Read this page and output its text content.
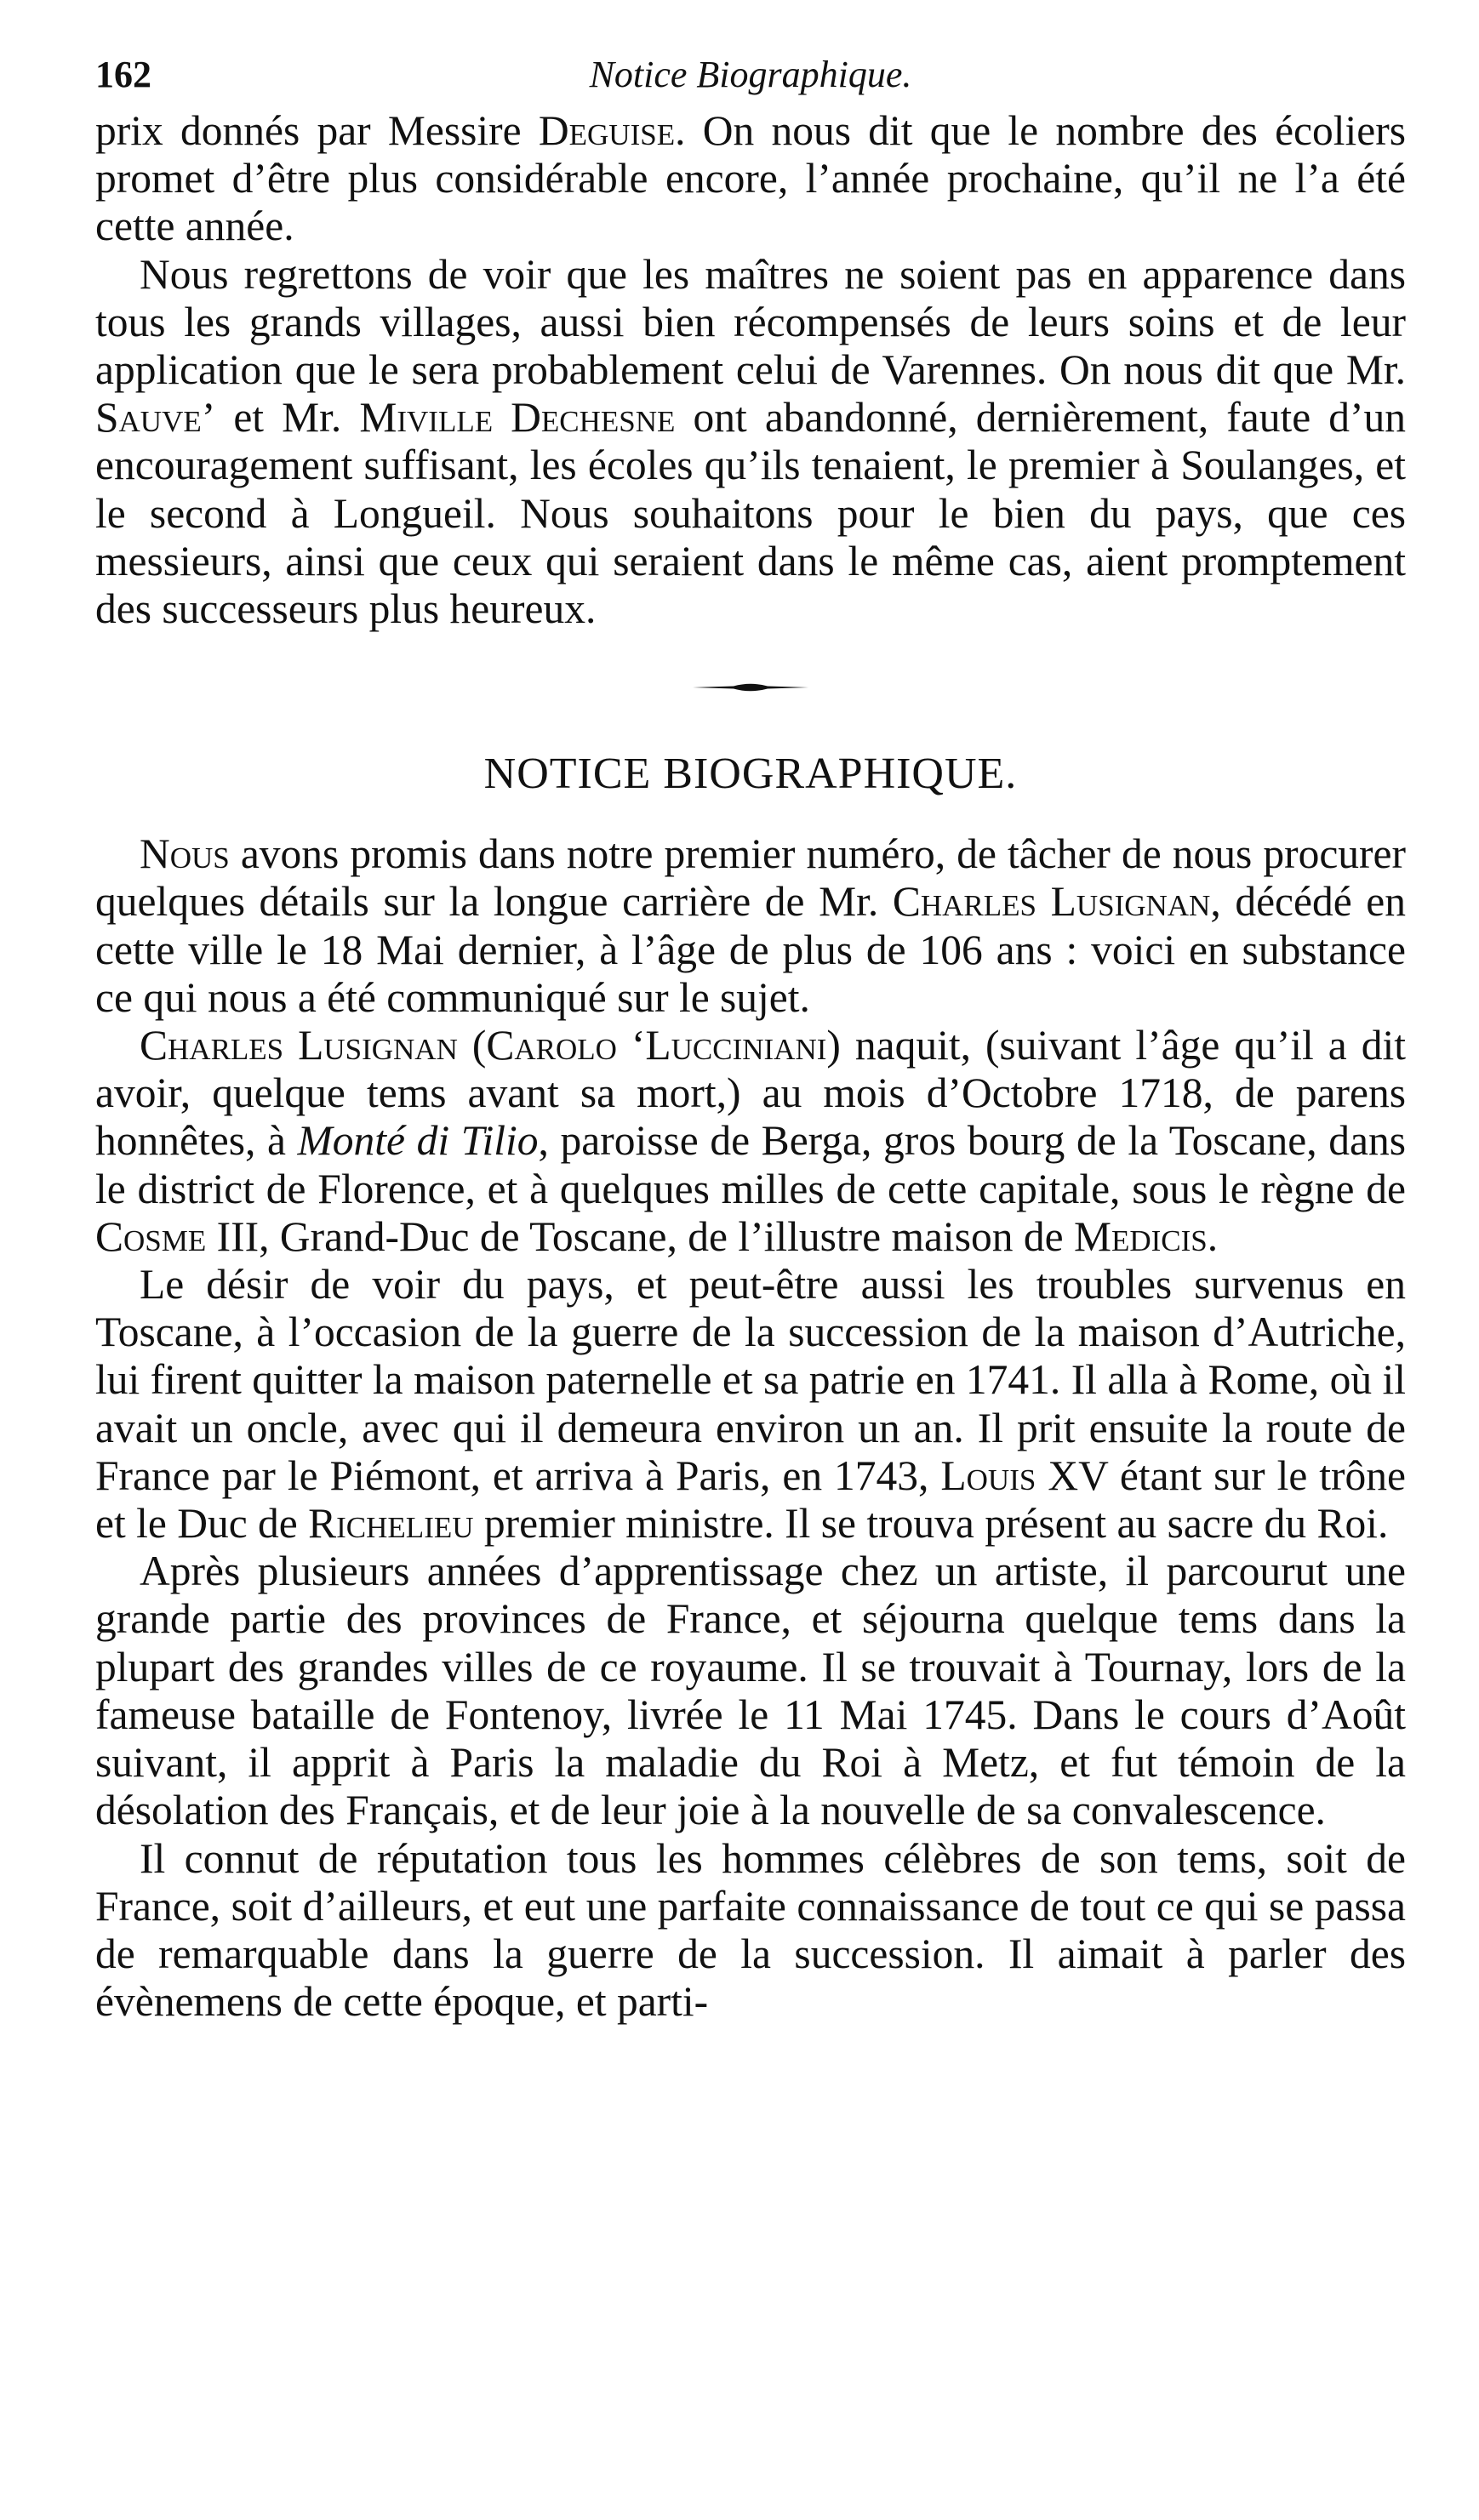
162	Notice Biographique.

prix donnés par Messire Deguise. On nous dit que le nombre des écoliers promet d’être plus considérable encore, l’année prochaine, qu’il ne l’a été cette année.

Nous regrettons de voir que les maîtres ne soient pas en apparence dans tous les grands villages, aussi bien récompensés de leurs soins et de leur application que le sera probablement celui de Varennes. On nous dit que Mr. Sauve’ et Mr. Miville Dechesne ont abandonné, dernièrement, faute d’un encouragement suffisant, les écoles qu’ils tenaient, le premier à Soulanges, et le second à Longueil. Nous souhaitons pour le bien du pays, que ces messieurs, ainsi que ceux qui seraient dans le même cas, aient promptement des successeurs plus heureux.

NOTICE BIOGRAPHIQUE.

Nous avons promis dans notre premier numéro, de tâcher de nous procurer quelques détails sur la longue carrière de Mr. Charles Lusignan, décédé en cette ville le 18 Mai dernier, à l’âge de plus de 106 ans : voici en substance ce qui nous a été communiqué sur le sujet.

Charles Lusignan (Carolo ‘Lucciniani) naquit, (suivant l’âge qu’il a dit avoir, quelque tems avant sa mort,) au mois d’Octobre 1718, de parens honnêtes, à Monté di Tilio, paroisse de Berga, gros bourg de la Toscane, dans le district de Florence, et à quelques milles de cette capitale, sous le règne de Cosme III, Grand-Duc de Toscane, de l’illustre maison de Medicis.

Le désir de voir du pays, et peut-être aussi les troubles survenus en Toscane, à l’occasion de la guerre de la succession de la maison d’Autriche, lui firent quitter la maison paternelle et sa patrie en 1741. Il alla à Rome, où il avait un oncle, avec qui il demeura environ un an. Il prit ensuite la route de France par le Piémont, et arriva à Paris, en 1743, Louis XV étant sur le trône et le Duc de Richelieu premier ministre. Il se trouva présent au sacre du Roi.

Après plusieurs années d’apprentissage chez un artiste, il parcourut une grande partie des provinces de France, et séjourna quelque tems dans la plupart des grandes villes de ce royaume. Il se trouvait à Tournay, lors de la fameuse bataille de Fontenoy, livrée le 11 Mai 1745. Dans le cours d’Août suivant, il apprit à Paris la maladie du Roi à Metz, et fut témoin de la désolation des Français, et de leur joie à la nouvelle de sa convalescence.

Il connut de réputation tous les hommes célèbres de son tems, soit de France, soit d’ailleurs, et eut une parfaite connaissance de tout ce qui se passa de remarquable dans la guerre de la succession. Il aimait à parler des évènemens de cette époque, et parti-
